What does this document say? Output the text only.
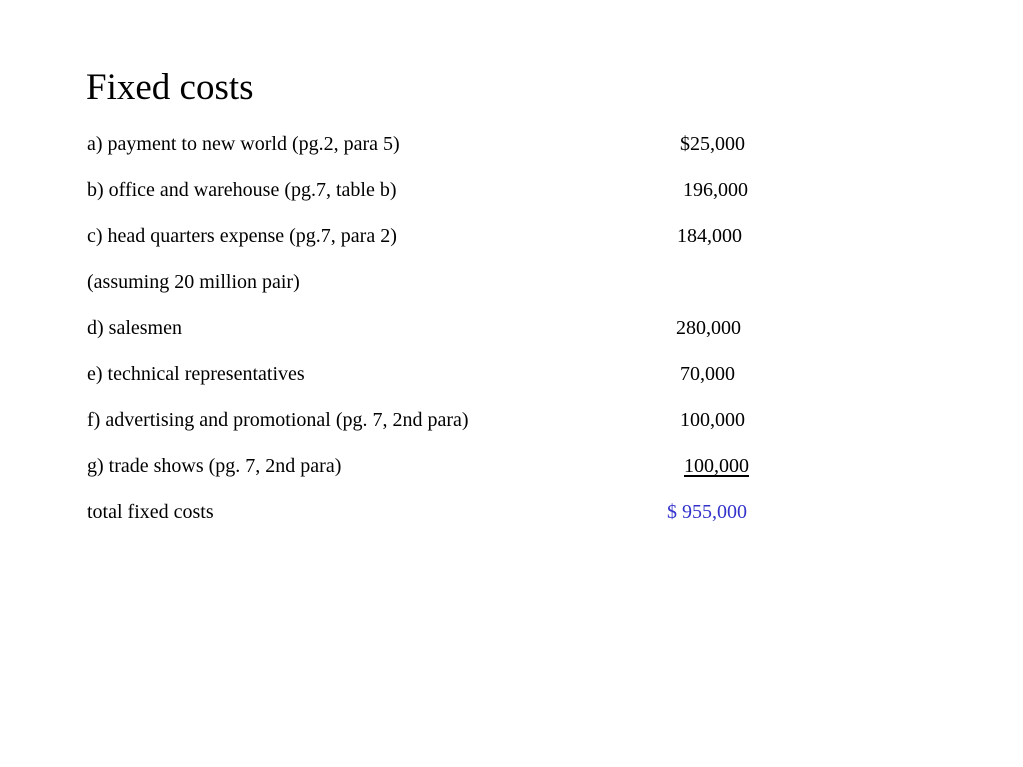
Fixed costs
a) payment to new world (pg.2, para 5)	$25,000
b) office and warehouse (pg.7, table b)	196,000
c) head quarters expense (pg.7, para 2)	184,000
(assuming 20 million pair)
d) salesmen	280,000
e) technical representatives	70,000
f) advertising and promotional (pg. 7, 2nd para)	100,000
g) trade shows (pg. 7, 2nd para)	100,000
total fixed costs	$ 955,000
